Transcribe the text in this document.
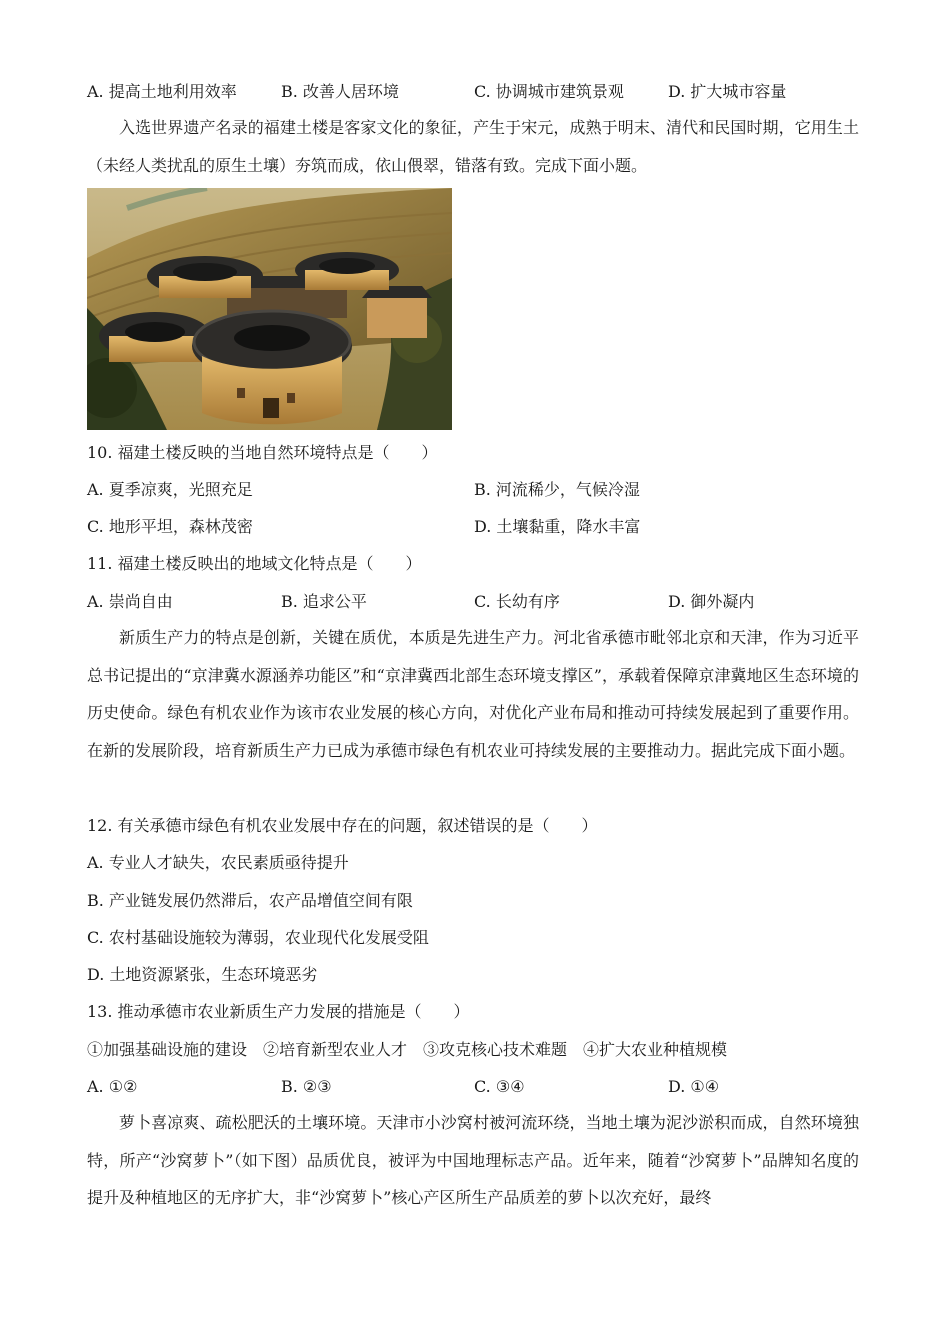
A. 提高土地利用效率	B. 改善人居环境	C. 协调城市建筑景观	D. 扩大城市容量
入选世界遗产名录的福建土楼是客家文化的象征，产生于宋元，成熟于明末、清代和民国时期，它用生土（未经人类扰乱的原生土壤）夯筑而成，依山偎翠，错落有致。完成下面小题。
10. 福建土楼反映的当地自然环境特点是（　　）
A. 夏季凉爽，光照充足	B. 河流稀少，气候冷湿
C. 地形平坦，森林茂密	D. 土壤黏重，降水丰富
11. 福建土楼反映出的地域文化特点是（　　）
A. 崇尚自由	B. 追求公平	C. 长幼有序	D. 御外凝内
新质生产力的特点是创新，关键在质优，本质是先进生产力。河北省承德市毗邻北京和天津，作为习近平总书记提出的“京津冀水源涵养功能区”和“京津冀西北部生态环境支撑区”，承载着保障京津冀地区生态环境的历史使命。绿色有机农业作为该市农业发展的核心方向，对优化产业布局和推动可持续发展起到了重要作用。在新的发展阶段，培育新质生产力已成为承德市绿色有机农业可持续发展的主要推动力。据此完成下面小题。
12. 有关承德市绿色有机农业发展中存在的问题，叙述错误的是（　　）
A. 专业人才缺失，农民素质亟待提升
B. 产业链发展仍然滞后，农产品增值空间有限
C. 农村基础设施较为薄弱，农业现代化发展受阻
D. 土地资源紧张，生态环境恶劣
13. 推动承德市农业新质生产力发展的措施是（　　）
①加强基础设施的建设　②培育新型农业人才　③攻克核心技术难题　④扩大农业种植规模
A. ①②	B. ②③	C. ③④	D. ①④
萝卜喜凉爽、疏松肥沃的土壤环境。天津市小沙窝村被河流环绕，当地土壤为泥沙淤积而成，自然环境独特，所产“沙窝萝卜”（如下图）品质优良，被评为中国地理标志产品。近年来，随着“沙窝萝卜”品牌知名度的提升及种植地区的无序扩大，非“沙窝萝卜”核心产区所生产品质差的萝卜以次充好，最终
